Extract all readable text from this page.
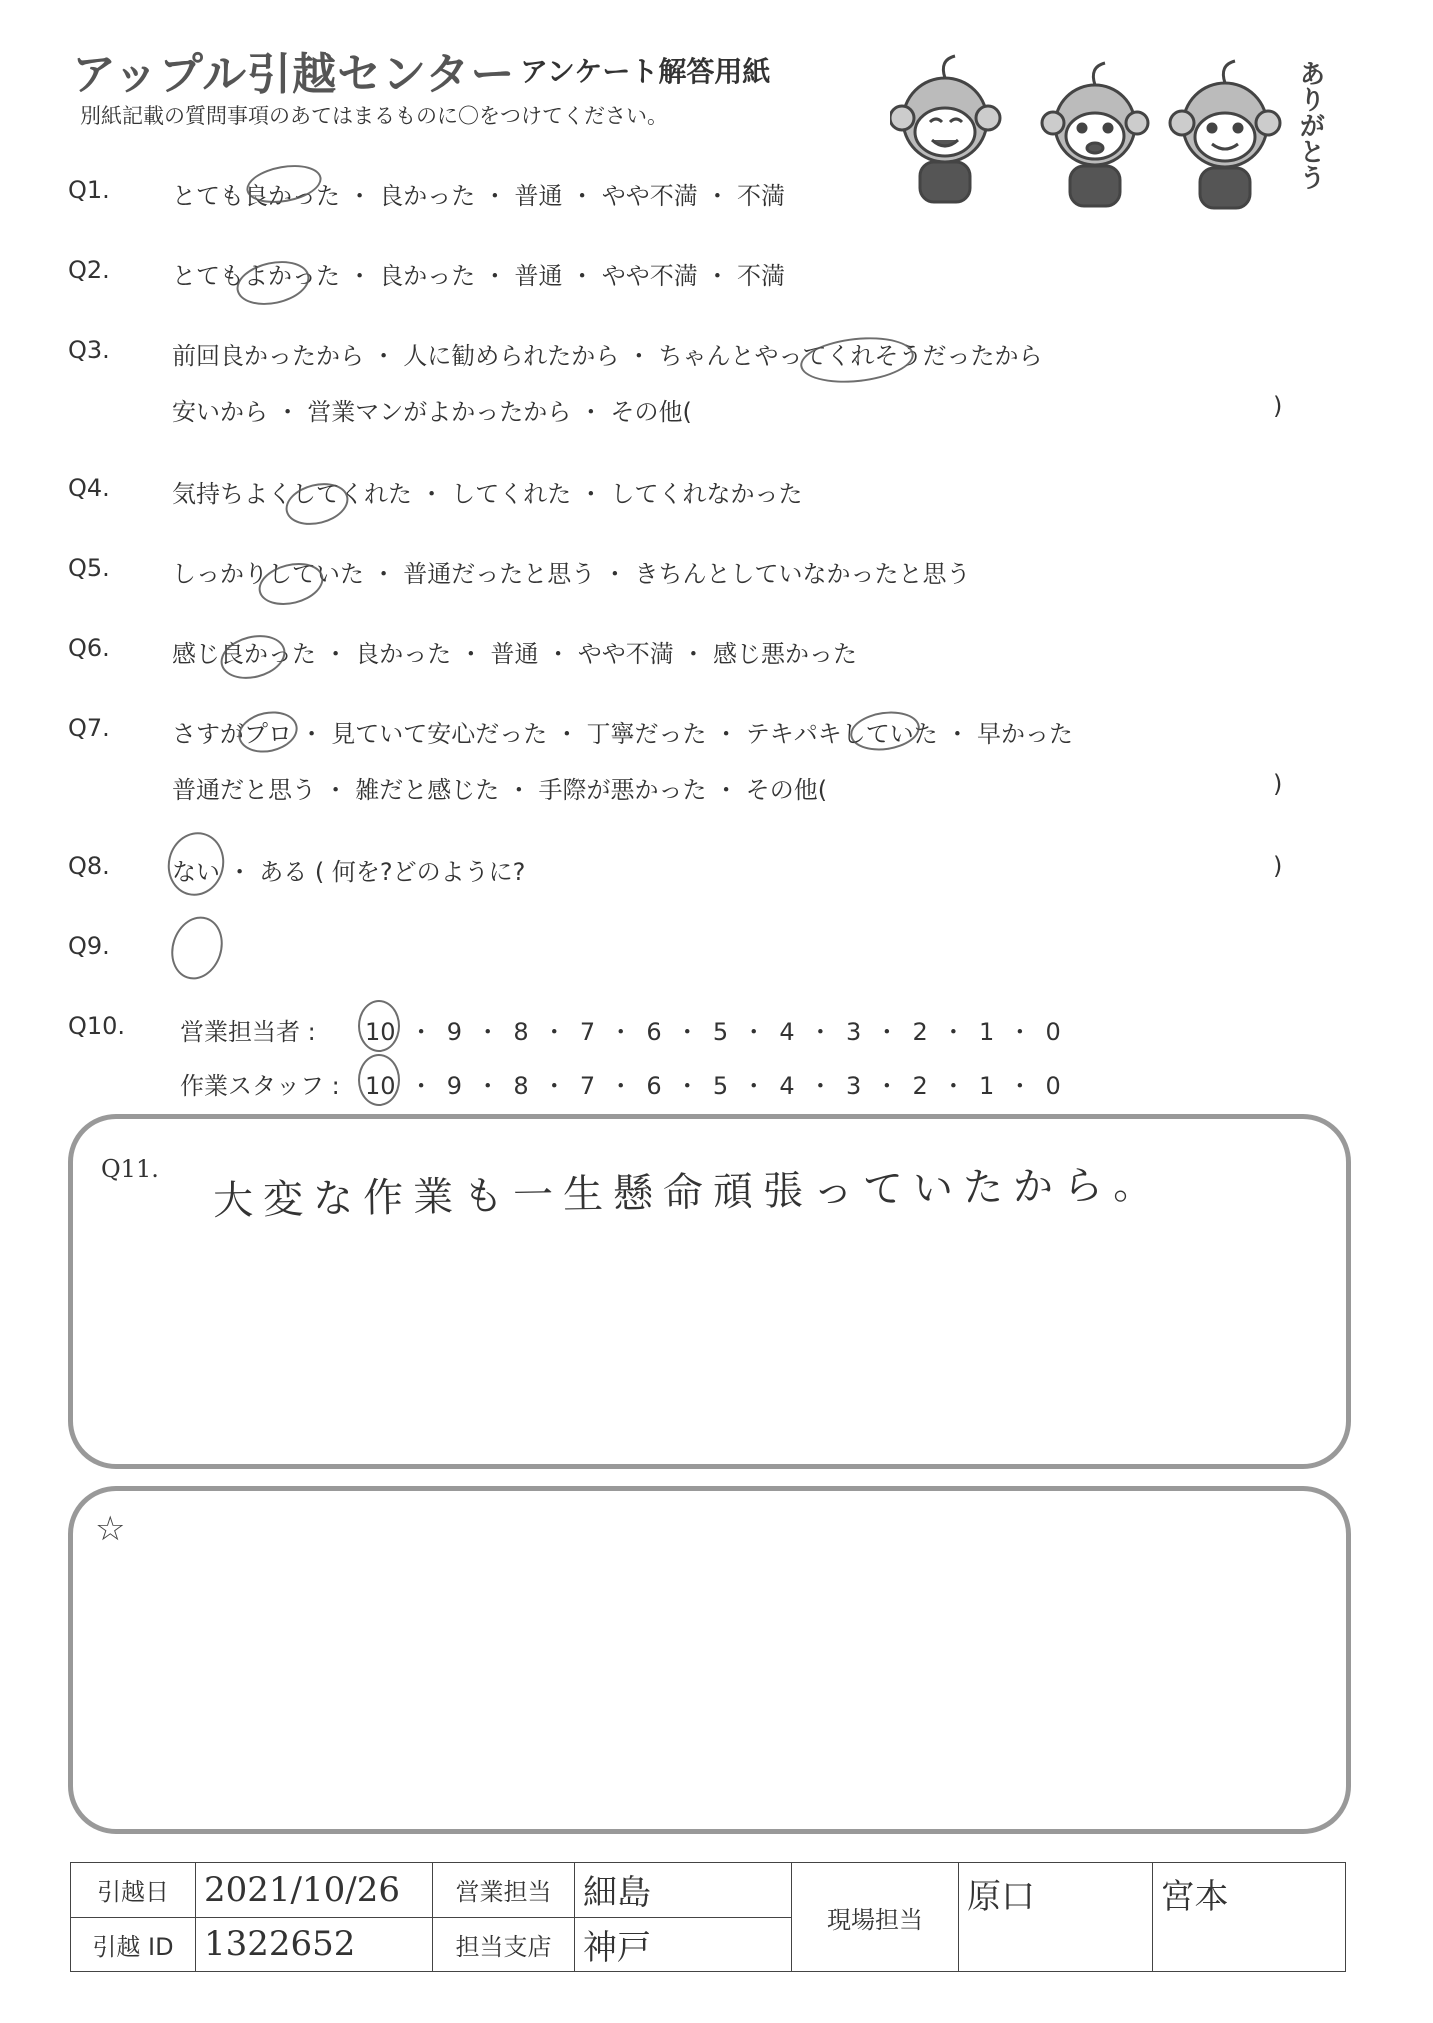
アップル引越センター アンケート解答用紙
別紙記載の質問事項のあてはまるものに〇をつけてください。	ありがとう
Q1.	とても良かった ・ 良かった ・ 普通 ・ やや不満 ・ 不満
Q2.	とてもよかった ・ 良かった ・ 普通 ・ やや不満 ・ 不満
Q3.	前回良かったから ・ 人に勧められたから ・ ちゃんとやってくれそうだったから
安いから ・ 営業マンがよかったから ・ その他(	)
Q4.	気持ちよくしてくれた ・ してくれた ・ してくれなかった
Q5.	しっかりしていた ・ 普通だったと思う ・ きちんとしていなかったと思う
Q6.	感じ良かった ・ 良かった ・ 普通 ・ やや不満 ・ 感じ悪かった
Q7.	さすがプロ ・ 見ていて安心だった ・ 丁寧だった ・ テキパキしていた ・ 早かった
普通だと思う ・ 雑だと感じた ・ 手際が悪かった ・ その他(	)
Q8.	ない ・ ある ( 何を?どのように?	)
Q9.
Q10. 営業担当者 : 10 ・ 9 ・ 8 ・ 7 ・ 6 ・ 5 ・ 4 ・ 3 ・ 2 ・ 1 ・ 0
作業スタッフ : 10 ・ 9 ・ 8 ・ 7 ・ 6 ・ 5 ・ 4 ・ 3 ・ 2 ・ 1 ・ 0
Q11. 大変な作業も一生懸命頑張っていたから。
☆
引越日	2021/10/26	営業担当	細島	現場担当	原口	宮本
引越 ID	1322652	担当支店	神戸			
